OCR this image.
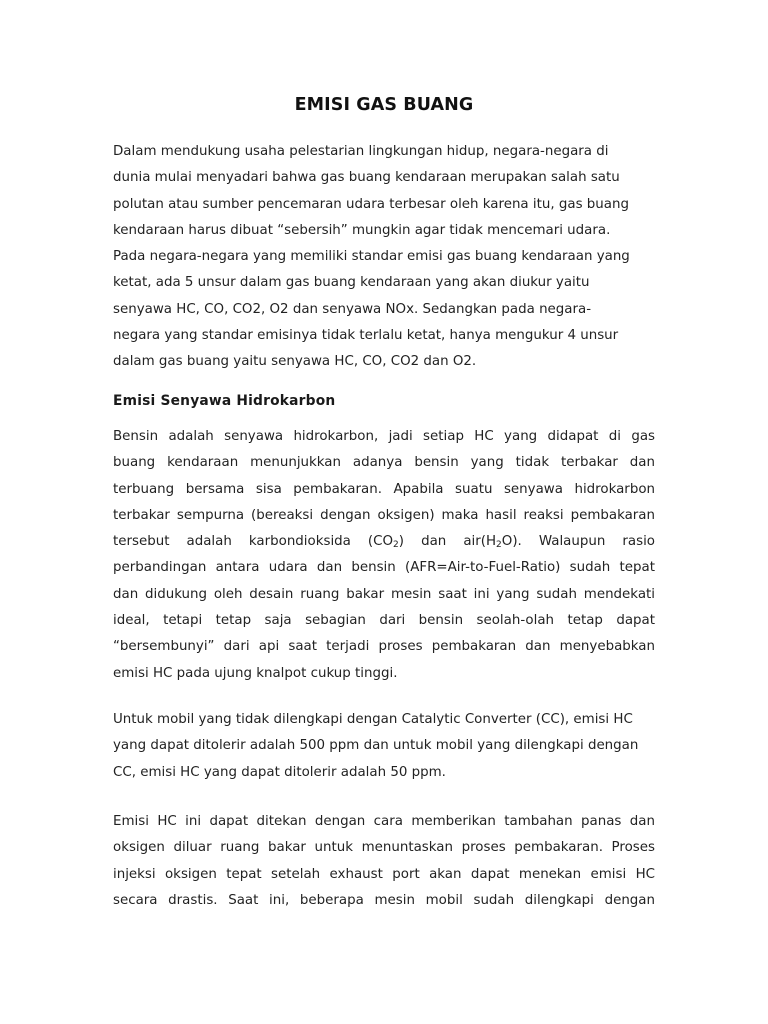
EMISI GAS BUANG

Dalam mendukung usaha pelestarian lingkungan hidup, negara-negara di
dunia mulai menyadari bahwa gas buang kendaraan merupakan salah satu
polutan atau sumber pencemaran udara terbesar oleh karena itu, gas buang
kendaraan harus dibuat “sebersih” mungkin agar tidak mencemari udara.
Pada negara-negara yang memiliki standar emisi gas buang kendaraan yang
ketat, ada 5 unsur dalam gas buang kendaraan yang akan diukur yaitu
senyawa HC, CO, CO2, O2 dan senyawa NOx. Sedangkan pada negara-
negara yang standar emisinya tidak terlalu ketat, hanya mengukur 4 unsur
dalam gas buang yaitu senyawa HC, CO, CO2 dan O2.

Emisi Senyawa Hidrokarbon

Bensin adalah senyawa hidrokarbon, jadi setiap HC yang didapat di gas
buang kendaraan menunjukkan adanya bensin yang tidak terbakar dan
terbuang bersama sisa pembakaran. Apabila suatu senyawa hidrokarbon
terbakar sempurna (bereaksi dengan oksigen) maka hasil reaksi pembakaran
tersebut adalah karbondioksida $(CO_2)$ dan $air(H_2O)$. Walaupun rasio
perbandingan antara udara dan bensin (AFR=Air-to-Fuel-Ratio) sudah tepat
dan didukung oleh desain ruang bakar mesin saat ini yang sudah mendekati
ideal, tetapi tetap saja sebagian dari bensin seolah-olah tetap dapat
“bersembunyi” dari api saat terjadi proses pembakaran dan menyebabkan
emisi HC pada ujung knalpot cukup tinggi.

Untuk mobil yang tidak dilengkapi dengan Catalytic Converter (CC), emisi HC
yang dapat ditolerir adalah 500 ppm dan untuk mobil yang dilengkapi dengan
CC, emisi HC yang dapat ditolerir adalah 50 ppm.

Emisi HC ini dapat ditekan dengan cara memberikan tambahan panas dan
oksigen diluar ruang bakar untuk menuntaskan proses pembakaran. Proses
injeksi oksigen tepat setelah exhaust port akan dapat menekan emisi HC
secara drastis. Saat ini, beberapa mesin mobil sudah dilengkapi dengan
